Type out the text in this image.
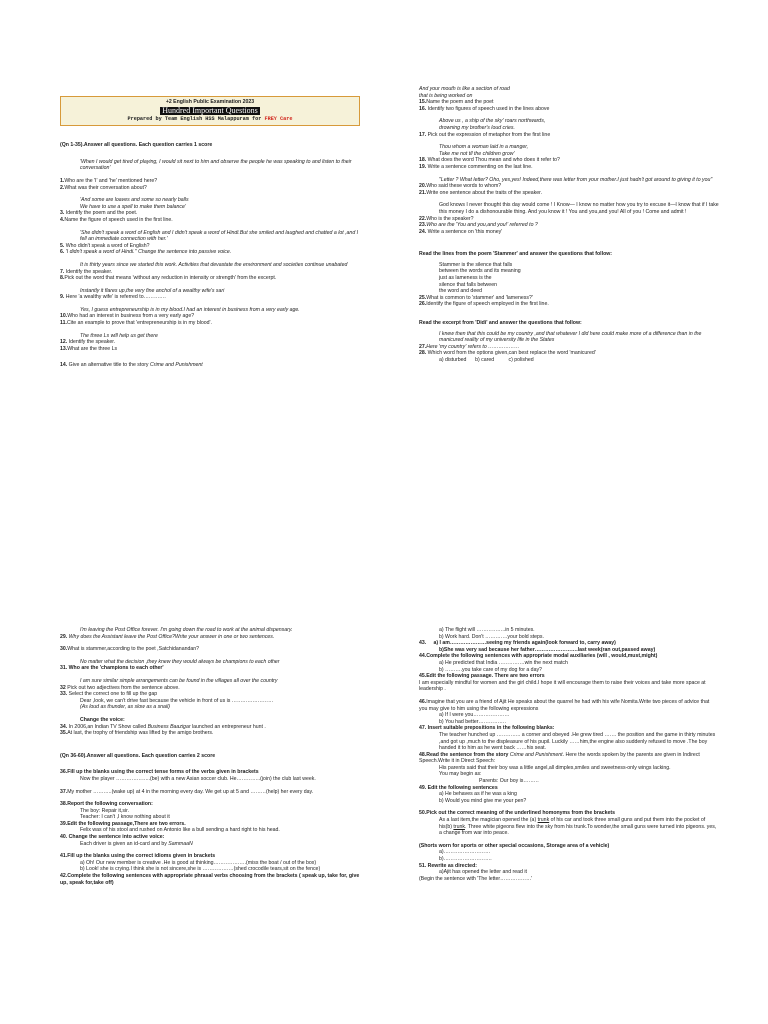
+2 English Public Examination 2023
Hundred Important Questions
Prepared by Team English HSS Malappuram for FREY Care
(Qn 1-35).Answer all questions. Each question carries 1 score
'When I would get tired of playing, I would sit next to him and observe the people he was speaking to and listen to their conversation'
1.Who are the 'I' and 'he' mentioned here?
2.What was their conversation about?
'And some are loaves and some so nearly balls
We have to use a spell to make them balance'
3. Identify the poem and the poet.
4.Name the figure of speech used in the first line.
'She didn't speak a word of English and I didn't speak a word of Hindi.But she smiled and laughed and chatted a lot ,and I fell an immediate connection with her.'
5. Who didn't speak a word of English?
6. 'I didn't speak a word of Hindi.'' Change the sentence into passive voice.
It is thirty years since we started this work. Activities that devastate the environment and societies continue unabated
7. Identify the speaker.
8.Pick out the word that means 'without any reduction in intensity or strength' from the excerpt.
Instantly it flares up,the very fine anchol of a wealthy wife's sari
9. Here 'a wealthy wife' is referred to………….
Yes, I guess entrepreneurship is in my blood.I had an interest in business from a very early age.
10.Who had an interest in business from a very early age?
11.Cite an example to prove that 'entrepreneurship is in my blood'.
The three Ls will help us get there
12. Identify the speaker.
13.What are the three Ls
14. Give an alternative title to the story Crime and Punishment
And your mouth is like a section of road
that is being worked on
15.Name the poem and the poet
16. Identify two figures of speech used in the lines above
Above us , a ship of the sky' roars northwards,
drowning my brother's loud cries.
17. Pick out the expression of metaphor from the first line
Thou whom a woman laid in a manger,
Take me not tll the children grow'
18. What does the word Thou mean and who does it refer to?
19. Write a sentence commenting on the last line.
"Letter ? What letter? Oho, yes,yes! Indeed,there was letter from your mother.I just hadn't got around to giving it to you"
20.Who said these words to whom?
21.Write one sentence about the traits of the speaker.
God knows I never thought this day would come ! I Know— I know no matter how you try to excuse it—I know that if I take this money I do a dishonourable thing. And you know it ! You and you,and you! All of you ! Come and admit !
22.Who is the speaker?
23.Who are the 'You and you,and you!' referred to ?
24. Write a sentence on 'this money'
Read the lines from the poem 'Stammer' and answer the questions that follow:
Stammer is the silence that falls
between the words and its meaning
just as lameness is the
silence that falls between
the word and deed
25.What is common to 'stammer' and 'lameness?'
26.Identify the figure of speech employed in the first line.
Read the excerpt from 'Didi' and answer the questions that follow:
I knew then that this could be my country ,and that whatever I did here could make more of a difference than in the manicured reality of my university life in the States
27.Here 'my country' refers to ………………
28. Which word from the options given,can best replace the word 'manicured'
a) disturbed b) cared	c) polished
I'm leaving the Post Office forever. I'm going down the road to work at the animal dispensary.
29. Why does the Assistant leave the Post Office?Write your answer in one or two sentences.
30.What is stammer,according to the poet ,Satchidanandan?
No matter what the decision ,they knew they would always be champions to each other
31. Who are the 'champions to each other'
I am sure similar simple arrangements can be found in the villages all over the country
32 Pick out two adjectives from the sentence above.
33. Select the correct one to fill up the gap
Dear ,look, we can't drive fast because the vehicle in front of us is ……………………
(As loud as thunder, as slow as a snail)
Change the voice:
34. In 2006,an Indian TV Show called Business Baazigar launched an entrepreneur hunt .
35.At last, the trophy of friendship was lifted by the amigo brothers.
(Qn 36-60).Answer all questions. Each question carries 2 score
36.Fill up the blanks using the correct tense forms of the verbs given in brackets
Now the player ………………..(be) with a new Asian soccer club. He…………..(join) the club last week.
37.My mother ………..(wake up) at 4 in the morning every day. We get up at 5 and ………(help) her every day.
38.Report the following conversation:
The boy: Repair it,sir.
Teacher: I can't ,I know nothing about it
39.Edit the following passage,There are two errors.
Felix was of his stool and rushed on Antonio like a bull sending a hard right to his head.
40. Change the sentence into active voice:
Each driver is given an id-card and by SammaaN
41.Fill up the blanks using the correct idioms given in brackets
a) Oh! Our new member is creative .He is good at thinking……………….(miss the boat / out of the box)
b) Look! she is crying.I think she is not sincere,she is ………………(shed crocodile tears,sit on the fence)
42.Complete the following sentences with appropriate phrasal verbs choosing from the brackets ( speak up, take for, give up, speak for,take off)
a) The flight will ……………..in 5 minutes.
b) Work hard. Don't ………….your bold steps.
43. a) I am…………………seeing my friends again(look forward to, carry away)
b)She was very sad because her father…………………….last week(ran out,passed away)
44.Complete the following sentences with appropriate modal auxiliaries (will , would,must,might)
a) He predicted that India ……………win the next match
b) ……….you take care of my dog for a day?
45.Edit the following passage. There are two errors
I am especially mindful for women and the girl child.I hope it will encourage them to raise their voices and take more space at leadership .
46.Imagine that you are a friend of Ajit He speaks about the quarrel he had with his wife Nomita.Write two pieces of advice that you may give to him using the following expressions
a) If I were you…………………
b) You had better…………….
47. Insert suitable prepositions in the following blanks:
The teacher hunched up ………….. a corner and obeyed .He grew tired ……. the position and the game in thirty minutes ,and got up ,much to the displeasure of his pupil. Luckily ……him,the engine also suddenly refused to move .The boy handed it to him as he went back ……his seat.
48.Read the sentence from the story Crime and Punishment. Here the words spoken by the parents are given in Indirect Speech.Write it in Direct Speech:
His parents said that their boy was a little angel,all dimples,smiles and sweetness-only wings lacking.
You may begin as:
Parents: Our boy is………
49. Edit the following sentences
a) He behaves as if he was a king
b) Would you mind give me your pen?
50.Pick out the correct meaning of the underlined homonyms from the brackets
As a last item,the magician opened the (a) trunk of his car and took three small guns and put them into the pocket of his(b) trunk. Three white pigeons flew into the sky from his trunk.To wonder,the small guns were turned into pigeons. yes, a change from war into peace.
(Shorts worn for sports or other special occasions, Storage area of a vehicle)
a)………………………
b)……………………….
51. Rewrite as directed:
a)Ajit has opened the letter and read it
(Begin the sentence with 'The letter………………'
